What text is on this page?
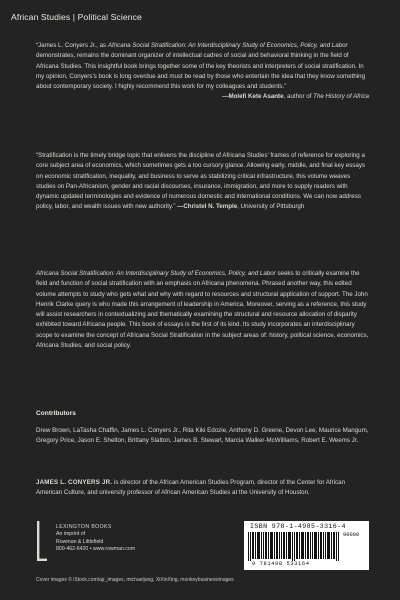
African Studies | Political Science

“James L. Conyers Jr., as Africana Social Stratification: An Interdisciplinary Study of Economics, Policy, and Labor demonstrates, remains the dominant organizer of intellectual cadres of social and behavioral thinking in the field of Africana Studies. This insightful book brings together some of the key theorists and interpreters of social stratification. In my opinion, Conyers’s book is long overdue and must be read by those who entertain the idea that they know something about contemporary society. I highly recommend this work for my colleagues and students.”

—Molefi Kete Asante, author of The History of Africa

“Stratification is the timely bridge topic that enlivens the discipline of Africana Studies’ frames of reference for exploring a core subject area of economics, which sometimes gets a too cursory glance. Allowing early, middle, and final key essays on economic stratification, inequality, and business to serve as stabilizing critical infrastructure, this volume weaves studies on Pan-Africanism, gender and racial discourses, insurance, immigration, and more to supply readers with dynamic updated terminologies and evidence of numerous domestic and international conditions. We can now address policy, labor, and wealth issues with new authority.” —Christel N. Temple, University of Pittsburgh

Africana Social Stratification: An Interdisciplinary Study of Economics, Policy, and Labor seeks to critically examine the field and function of social stratification with an emphasis on Africana phenomena. Phrased another way, this edited volume attempts to study who gets what and why with regard to resources and structural application of support. The John Henrik Clarke query is who made this arrangement of leadership in America. Moreover, serving as a reference, this study will assist researchers in contextualizing and thematically examining the structural and resource allocation of disparity exhibited toward Africana people. This book of essays is the first of its kind. Its study incorporates an interdisciplinary scope to examine the concept of Africana Social Stratification in the subject areas of: history, political science, economics, Africana Studies, and social policy.

Contributors
Drew Brown, LaTasha Chaffin, James L. Conyers Jr., Rita Kiki Edozie, Anthony D. Greene, Devon Lee, Maurice Mangum, Gregory Price, Jason E. Shelton, Brittany Slatton, James B. Stewart, Marcia Walker-McWilliams, Robert E. Weems Jr.
JAMES L. CONYERS JR. is director of the African American Studies Program, director of the Center for African American Culture, and university professor of African American Studies at the University of Houston.
LEXINGTON BOOKS
An imprint of
Rowman & Littlefield
800-462-6420 • www.rowman.com
ISBN 978-1-4985-3316-4
90000
9 781498 533164
Cover images © iStock.com/ajr_images, michaeljung, XiXinXing, monkeybusinessimages
